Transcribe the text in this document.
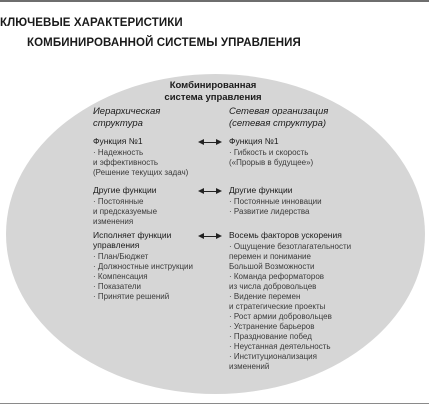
КЛЮЧЕВЫЕ ХАРАКТЕРИСТИКИ
КОМБИНИРОВАННОЙ СИСТЕМЫ УПРАВЛЕНИЯ
Комбинированная
система управления
Иерархическая
структура
Сетевая организация
(сетевая структура)
Функция №1
· Надежность
и эффективность
(Решение текущих задач)
Другие функции
· Постоянные
и предсказуемые
изменения
Исполняет функции
управления
· План/Бюджет
· Должностные инструкции
· Компенсация
· Показатели
· Принятие решений
Функция №1
· Гибкость и скорость
(«Прорыв в будущее»)
Другие функции
· Постоянные инновации
· Развитие лидерства
Восемь факторов ускорения
· Ощущение безотлагательности
перемен и понимание
Большой Возможности
· Команда реформаторов
из числа добровольцев
· Видение перемен
и стратегические проекты
· Рост армии добровольцев
· Устранение барьеров
· Празднование побед
· Неустанная деятельность
· Институционализация
изменений
